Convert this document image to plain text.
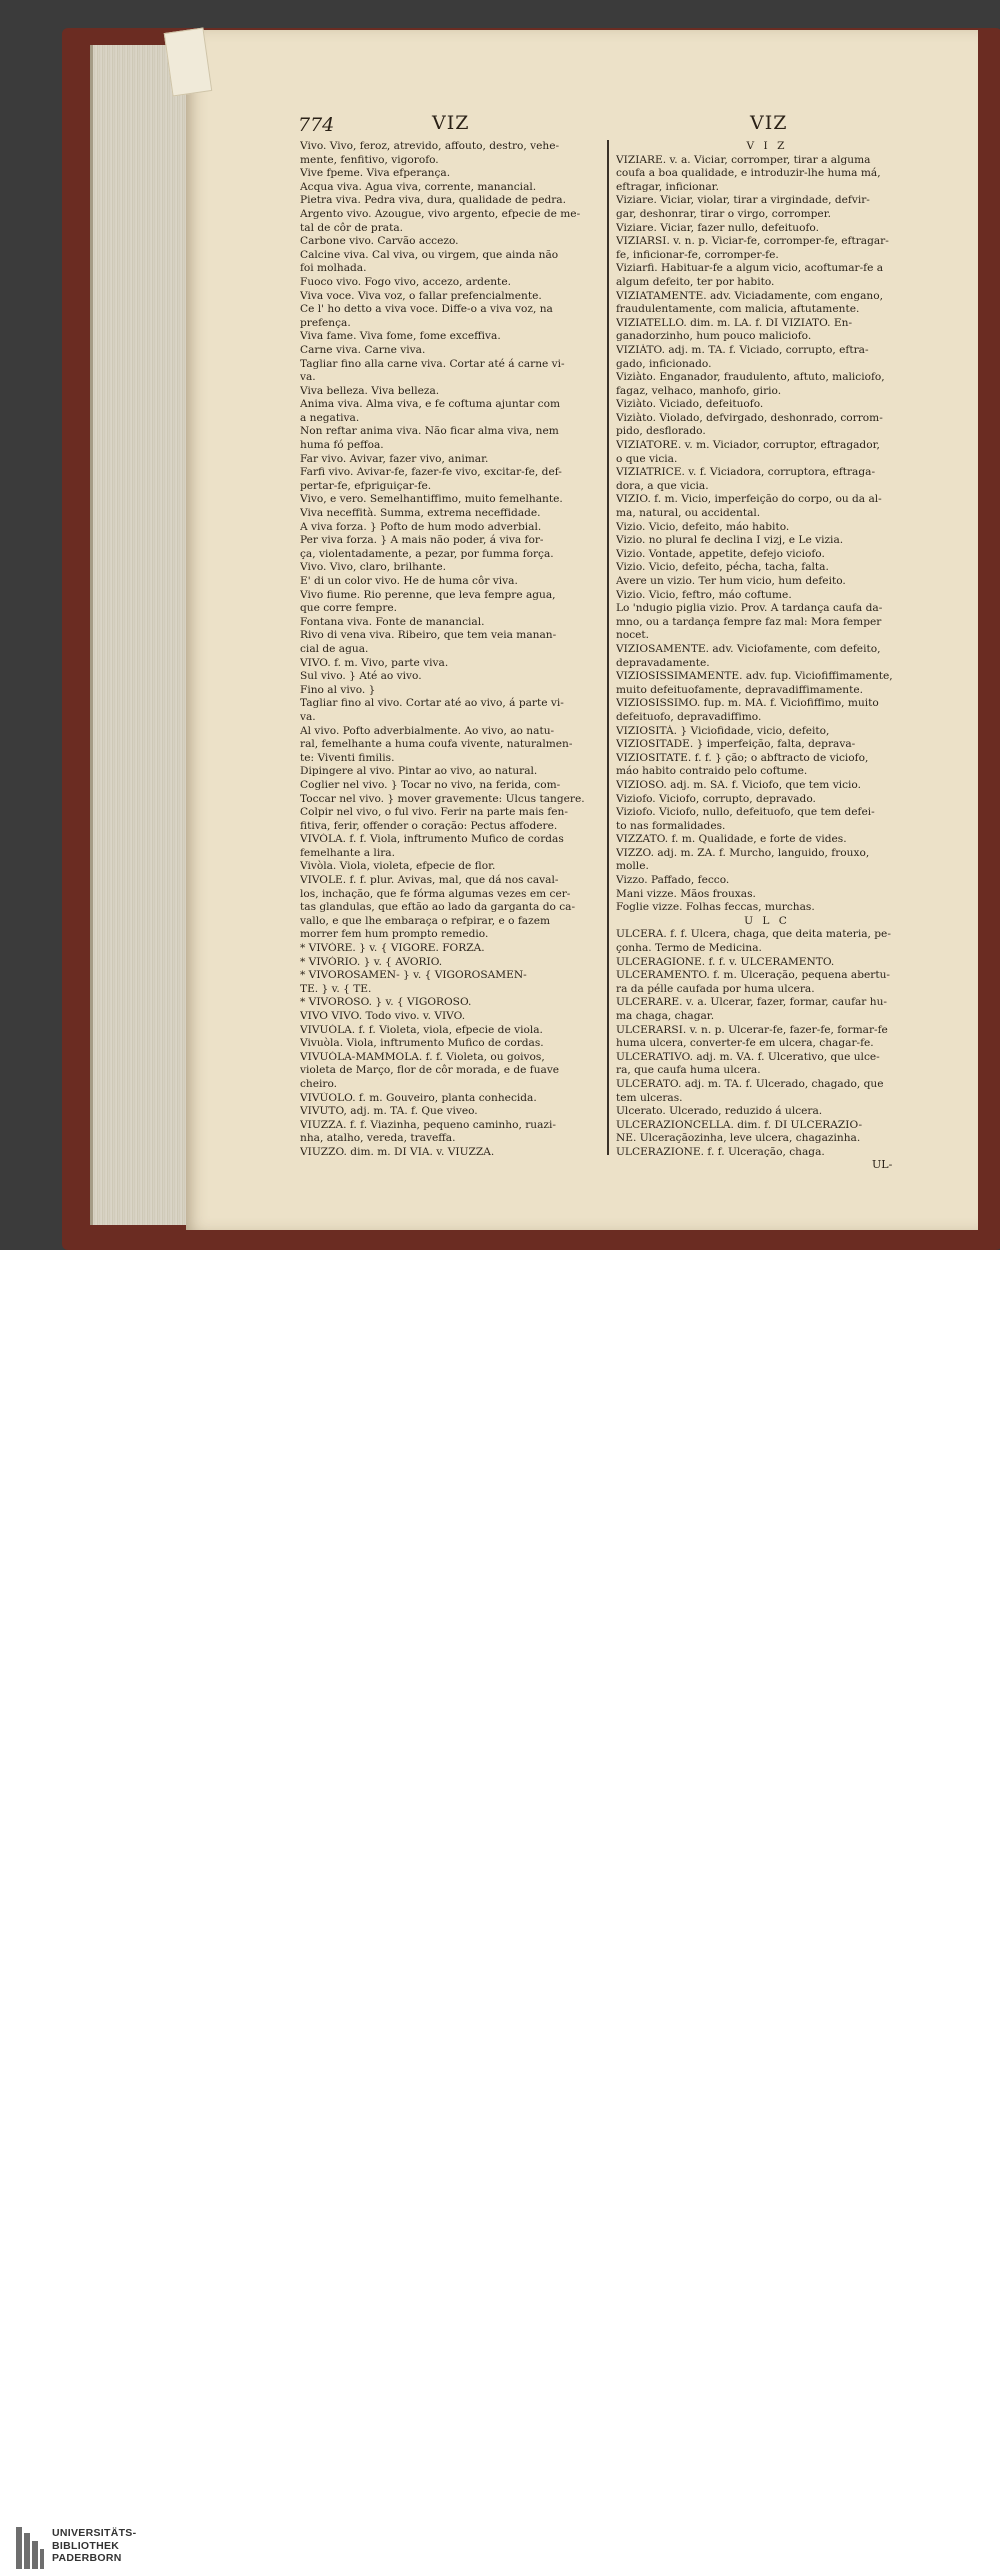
774	VIZ	VIZ

Vivo. Vivo, feroz, atrevido, affouto, destro, vehe-

mente, fenfitivo, vigorofo.

Vive fpeme. Viva efperança.

Acqua viva. Agua viva, corrente, manancial.

Pietra viva. Pedra viva, dura, qualidade de pedra.

Argento vivo. Azougue, vivo argento, efpecie de me-

tal de côr de prata.

Carbone vivo. Carvão accezo.

Calcine viva. Cal viva, ou virgem, que ainda não

foi molhada.

Fuoco vivo. Fogo vivo, accezo, ardente.

Viva voce. Viva voz, o fallar prefencialmente.

Ce l' ho detto a viva voce. Diffe-o a viva voz, na

prefença.

Viva fame. Viva fome, fome exceffiva.

Carne viva. Carne viva.

Tagliar fino alla carne viva. Cortar até á carne vi-

va.

Viva belleza. Viva belleza.

Anima viva. Alma viva, e fe coftuma ajuntar com

a negativa.

Non reftar anima viva. Não ficar alma viva, nem

huma fó peffoa.

Far vivo. Avivar, fazer vivo, animar.

Farfi vivo. Avivar-fe, fazer-fe vivo, excitar-fe, def-

pertar-fe, efpriguiçar-fe.

Vivo, e vero. Semelhantiffimo, muito femelhante.

Viva neceffità. Summa, extrema neceffidade.

A viva forza. } Pofto de hum modo adverbial.

Per viva forza. } A mais não poder, á viva for-

ça, violentadamente, a pezar, por fumma força.

Vivo. Vivo, claro, brilhante.

E' di un color vivo. He de huma côr viva.

Vivo fiume. Rio perenne, que leva fempre agua,

que corre fempre.

Fontana viva. Fonte de manancial.

Rivo di vena viva. Ribeiro, que tem veia manan-

cial de agua.

VIVO. f. m. Vivo, parte viva.

Sul vivo. } Até ao vivo.

Fino al vivo. }

Tagliar fino al vivo. Cortar até ao vivo, á parte vi-

va.

Al vivo. Pofto adverbialmente. Ao vivo, ao natu-

ral, femelhante a huma coufa vivente, naturalmen-

te: Viventi fimilis.

Dipingere al vivo. Pintar ao vivo, ao natural.

Coglier nel vivo. } Tocar no vivo, na ferida, com-

Toccar nel vivo. } mover gravemente: Ulcus tangere.

Colpir nel vivo, o ful vivo. Ferir na parte mais fen-

fitiva, ferir, offender o coração: Pectus affodere.

VIVÒLA. f. f. Viola, inftrumento Mufico de cordas

femelhante a lira.

Vivòla. Viola, violeta, efpecie de flor.

VIVOLE. f. f. plur. Avivas, mal, que dá nos caval-

los, inchação, que fe fórma algumas vezes em cer-

tas glandulas, que eftão ao lado da garganta do ca-

vallo, e que lhe embaraça o refpirar, e o fazem

morrer fem hum prompto remedio.

* VIVÒRE. } v. { VIGORE. FORZA.

* VIVÒRIO. } v. { AVORIO.

* VIVOROSAMEN- } v. { VIGOROSAMEN-

TE. } v. { TE.

* VIVOROSO. } v. { VIGOROSO.

VIVO VIVO. Todo vivo. v. VIVO.

VIVUÒLA. f. f. Violeta, viola, efpecie de viola.

Vivuòla. Viola, inftrumento Mufico de cordas.

VIVUÒLA-MAMMOLA. f. f. Violeta, ou goivos,

violeta de Março, flor de côr morada, e de fuave

cheiro.

VIVÙOLO. f. m. Gouveiro, planta conhecida.

VIVUTO, adj. m. TA. f. Que viveo.

VIUZZA. f. f. Viazinha, pequeno caminho, ruazi-

nha, atalho, vereda, traveffa.

VIUZZO. dim. m. DI VIA. v. VIUZZA.

V I Z

VIZIARE. v. a. Viciar, corromper, tirar a alguma

coufa a boa qualidade, e introduzir-lhe huma má,

eftragar, inficionar.

Viziare. Viciar, violar, tirar a virgindade, defvir-

gar, deshonrar, tirar o virgo, corromper.

Viziare. Viciar, fazer nullo, defeituofo.

VIZIARSI. v. n. p. Viciar-fe, corromper-fe, eftragar-

fe, inficionar-fe, corromper-fe.

Viziarfi. Habituar-fe a algum vicio, acoftumar-fe a

algum defeito, ter por habito.

VIZIATAMENTE. adv. Viciadamente, com engano,

fraudulentamente, com malicia, aftutamente.

VIZIATELLO. dim. m. LA. f. DI VIZIATO. En-

ganadorzinho, hum pouco maliciofo.

VIZIÀTO. adj. m. TA. f. Viciado, corrupto, eftra-

gado, inficionado.

Viziàto. Enganador, fraudulento, aftuto, maliciofo,

fagaz, velhaco, manhofo, girio.

Viziàto. Viciado, defeituofo.

Viziàto. Violado, defvirgado, deshonrado, corrom-

pido, desflorado.

VIZIATORE. v. m. Viciador, corruptor, eftragador,

o que vicia.

VIZIATRICE. v. f. Viciadora, corruptora, eftraga-

dora, a que vicia.

VIZIO. f. m. Vicio, imperfeição do corpo, ou da al-

ma, natural, ou accidental.

Vizio. Vicio, defeito, máo habito.

Vizio. no plural fe declina I vizj, e Le vizia.

Vizio. Vontade, appetite, defejo viciofo.

Vizio. Vicio, defeito, pécha, tacha, falta.

Avere un vizio. Ter hum vicio, hum defeito.

Vizio. Vicio, feftro, máo coftume.

Lo 'ndugio piglia vizio. Prov. A tardança caufa da-

mno, ou a tardança fempre faz mal: Mora femper

nocet.

VIZIOSAMENTE. adv. Viciofamente, com defeito,

depravadamente.

VIZIOSISSIMAMENTE. adv. fup. Viciofiffimamente,

muito defeituofamente, depravadiffimamente.

VIZIOSISSIMO. fup. m. MA. f. Viciofiffimo, muito

defeituofo, depravadiffimo.

VIZIOSITÀ. } Viciofidade, vicio, defeito,

VIZIOSITADE. } imperfeição, falta, deprava-

VIZIOSITATE. f. f. } ção; o abftracto de viciofo,

máo habito contraido pelo coftume.

VIZIOSO. adj. m. SA. f. Viciofo, que tem vicio.

Viziofo. Viciofo, corrupto, depravado.

Viziofo. Viciofo, nullo, defeituofo, que tem defei-

to nas formalidades.

VIZZATO. f. m. Qualidade, e forte de vides.

VIZZO. adj. m. ZA. f. Murcho, languido, frouxo,

molle.

Vizzo. Paffado, fecco.

Mani vizze. Mãos frouxas.

Foglie vizze. Folhas feccas, murchas.

U L C

ULCERA. f. f. Ulcera, chaga, que deita materia, pe-

çonha. Termo de Medicina.

ULCERAGIONE. f. f. v. ULCERAMENTO.

ULCERAMENTO. f. m. Ulceração, pequena abertu-

ra da pélle caufada por huma ulcera.

ULCERARE. v. a. Ulcerar, fazer, formar, caufar hu-

ma chaga, chagar.

ULCERARSI. v. n. p. Ulcerar-fe, fazer-fe, formar-fe

huma ulcera, converter-fe em ulcera, chagar-fe.

ULCERATIVO. adj. m. VA. f. Ulcerativo, que ulce-

ra, que caufa huma ulcera.

ULCERATO. adj. m. TA. f. Ulcerado, chagado, que

tem ulceras.

Ulcerato. Ulcerado, reduzido á ulcera.

ULCERAZIONCELLA. dim. f. DI ULCERAZIO-

NE. Ulceraçãozinha, leve ulcera, chagazinha.

ULCERAZIONE. f. f. Ulceração, chaga.

UL-
UNIVERSITÄTS-
BIBLIOTHEK
PADERBORN
